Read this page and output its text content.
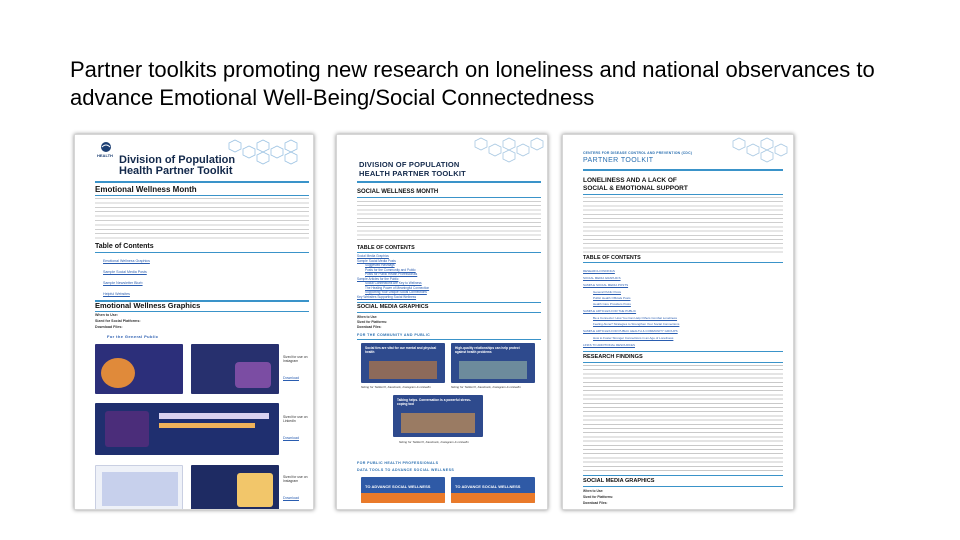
Partner toolkits promoting new research on loneliness and national observances to advance Emotional Well-Being/Social Connectedness
HEALTH Division of Population
Health Partner Toolkit
Emotional Wellness Month
Table of Contents
Emotional Wellness Graphics
Sample Social Media Posts
Sample Newsletter Blurb
Helpful Websites
Emotional Wellness Graphics
When to Use:
Sized for Social Platforms:
Download Files:
For the General Public
Sized for use on Instagram
Download
Sized for use on LinkedIn
Download
Sized for use on Instagram
Download
DIVISION OF POPULATION
HEALTH PARTNER TOOLKIT
SOCIAL WELLNESS MONTH
TABLE OF CONTENTS
Social Media Graphics
Sample Social Media Posts
Suggested Hashtags
Posts for the Community and Public
Posts for Public Health Professionals
Sample Articles for the Public
Social Connections Are Key to Wellness
The Healing Power of Meaningful Connection
Supporting Your Unique Social Connections
Key Websites Supporting Social Wellness
SOCIAL MEDIA GRAPHICS
When to Use:
Sized for Platforms:
Download Files:
FOR THE COMMUNITY AND PUBLIC
Social ties are vital for our mental and physical health
High-quality relationships can help protect against health problems
Sizing for Twitter/X, Facebook, Instagram & LinkedIn	Sizing for Twitter/X, Facebook, Instagram & LinkedIn
Talking helps. Conversation is a powerful stress-coping tool
Sizing for Twitter/X, Facebook, Instagram & LinkedIn
FOR PUBLIC HEALTH PROFESSIONALS
DATA TOOLS TO ADVANCE SOCIAL WELLNESS
TO ADVANCE SOCIAL WELLNESS	TO ADVANCE SOCIAL WELLNESS
CENTERS FOR DISEASE CONTROL AND PREVENTION (CDC)
PARTNER TOOLKIT
LONELINESS AND A LACK OF
SOCIAL & EMOTIONAL SUPPORT
TABLE OF CONTENTS
RESEARCH FINDINGS
SOCIAL MEDIA GRAPHICS
SAMPLE SOCIAL MEDIA POSTS
General Public Posts
Public Health Officials Posts
Health Care Providers Posts
SAMPLE ARTICLES FOR THE PUBLIC
Be a Connector: How You Can Help Others Combat Loneliness
Feeling Alone? Strategies to Strengthen Your Social Connections
SAMPLE ARTICLES FOR PUBLIC HEALTH & COMMUNITY GROUPS
How to Foster Stronger Connections in an Age of Loneliness
LINKS TO ADDITIONAL RESOURCES
RESEARCH FINDINGS
SOCIAL MEDIA GRAPHICS
When to Use:
Sized for Platforms:
Download Files:
